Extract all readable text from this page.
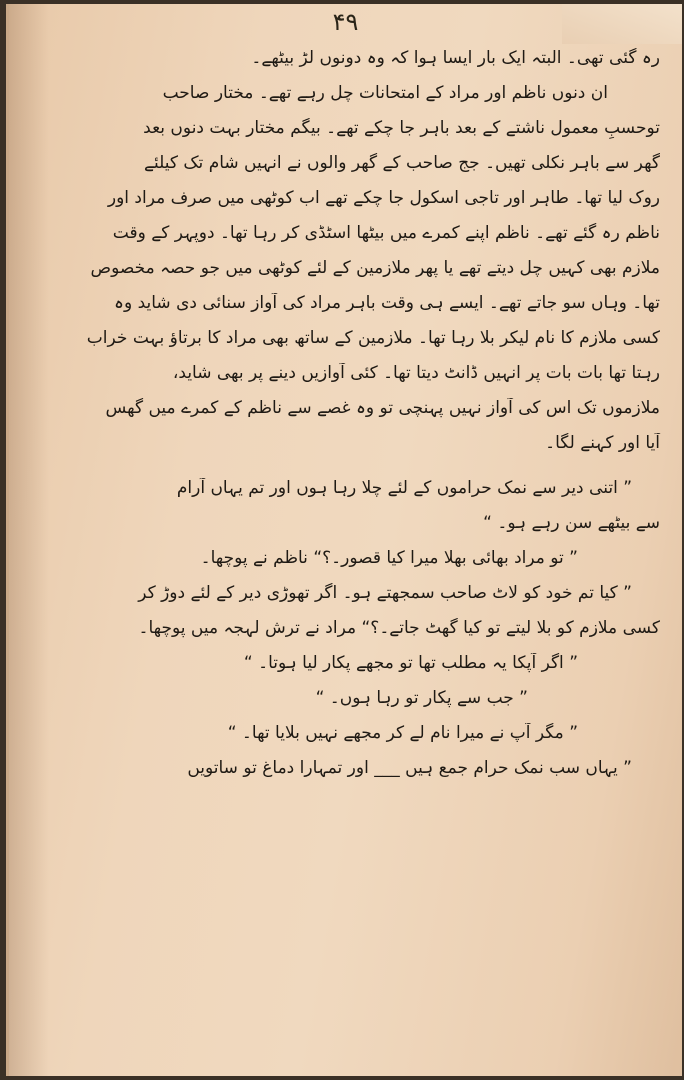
۴۹
رہ گئی تھی۔ البتہ ایک بار ایسا ہوا کہ وہ دونوں لڑ بیٹھے۔
ان دنوں ناظم اور مراد کے امتحانات چل رہے تھے۔ مختار صاحب
توحسبِ معمول ناشتے کے بعد باہر جا چکے تھے۔ بیگم مختار بہت دنوں بعد
گھر سے باہر نکلی تھیں۔ جج صاحب کے گھر والوں نے انہیں شام تک کیلئے
روک لیا تھا۔ طاہر اور تاجی اسکول جا چکے تھے اب کوٹھی میں صرف مراد اور
ناظم رہ گئے تھے۔ ناظم اپنے کمرے میں بیٹھا اسٹڈی کر رہا تھا۔ دوپہر کے وقت
ملازم بھی کہیں چل دیتے تھے یا پھر ملازمین کے لئے کوٹھی میں جو حصہ مخصوص
تھا۔ وہاں سو جاتے تھے۔ ایسے ہی وقت باہر مراد کی آواز سنائی دی شاید وہ
کسی ملازم کا نام لیکر بلا رہا تھا۔ ملازمین کے ساتھ بھی مراد کا برتاؤ بہت خراب
رہتا تھا بات بات پر انہیں ڈانٹ دیتا تھا۔ کئی آوازیں دینے پر بھی شاید،
ملازموں تک اس کی آواز نہیں پہنچی تو وہ غصے سے ناظم کے کمرے میں گھس
آیا اور کہنے لگا۔
” اتنی دیر سے نمک حراموں کے لئے چلا رہا ہوں اور تم یہاں آرام
سے بیٹھے سن رہے ہو۔ “
” تو مراد بھائی بھلا میرا کیا قصور۔؟“ ناظم نے پوچھا۔
” کیا تم خود کو لاٹ صاحب سمجھتے ہو۔ اگر تھوڑی دیر کے لئے دوڑ کر
کسی ملازم کو بلا لیتے تو کیا گھٹ جاتے۔؟“ مراد نے ترش لہجہ میں پوچھا۔
” اگر آپکا یہ مطلب تھا تو مجھے پکار لیا ہوتا۔ “
” جب سے پکار تو رہا ہوں۔ “
” مگر آپ نے میرا نام لے کر مجھے نہیں بلایا تھا۔ “
” یہاں سب نمک حرام جمع ہیں ___ اور تمہارا دماغ تو ساتویں
